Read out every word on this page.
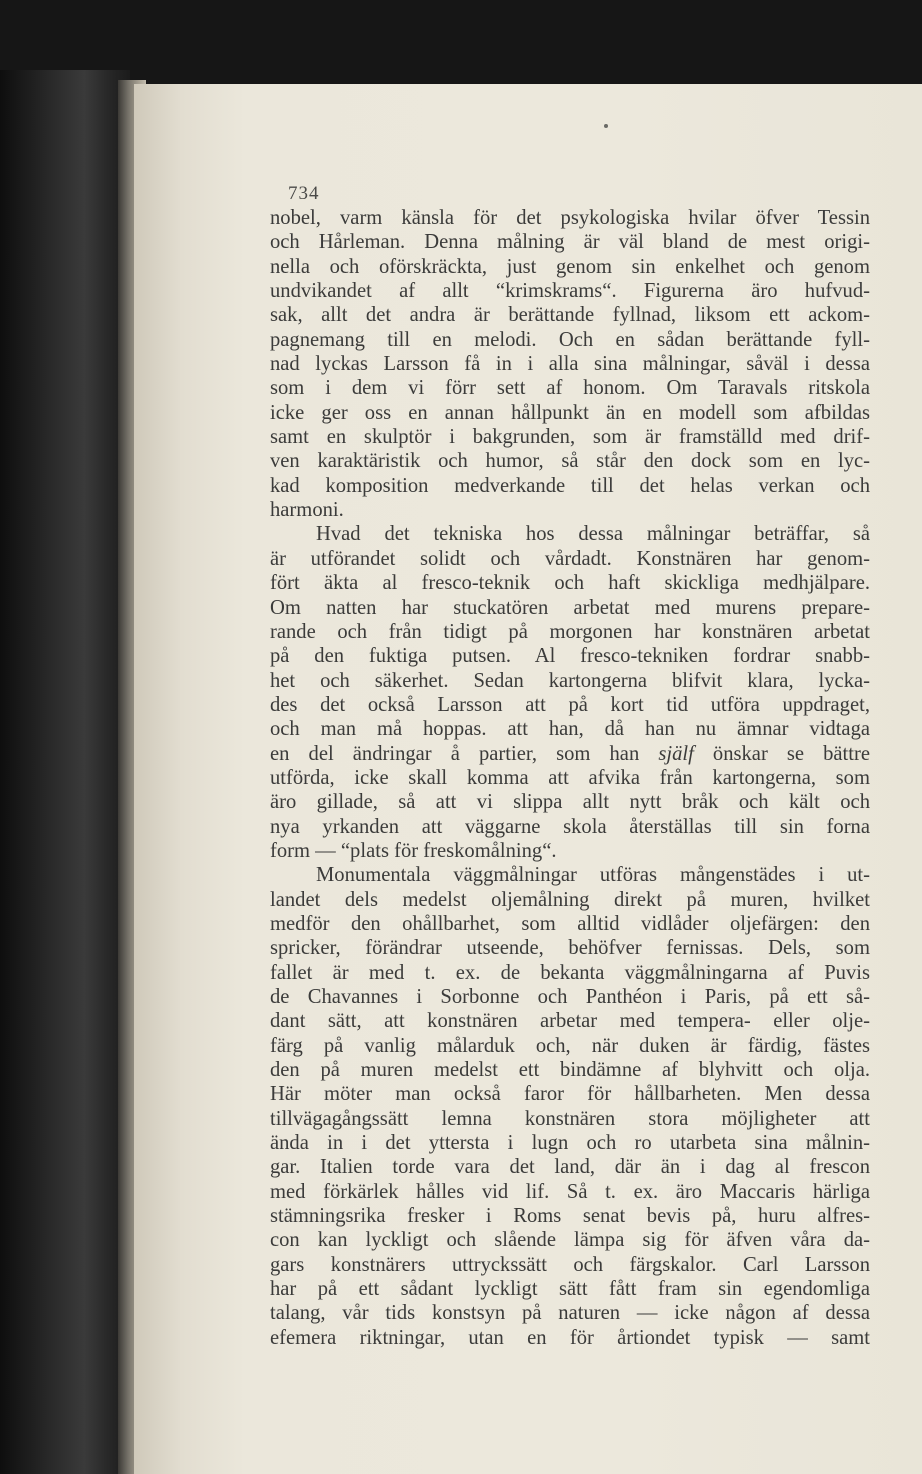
734
nobel, varm känsla för det psykologiska hvilar öfver Tessin
och Hårleman. Denna målning är väl bland de mest origi-
nella och oförskräckta, just genom sin enkelhet och genom
undvikandet af allt “krimskrams“. Figurerna äro hufvud-
sak, allt det andra är berättande fyllnad, liksom ett ackom-
pagnemang till en melodi. Och en sådan berättande fyll-
nad lyckas Larsson få in i alla sina målningar, såväl i dessa
som i dem vi förr sett af honom. Om Taravals ritskola
icke ger oss en annan hållpunkt än en modell som afbildas
samt en skulptör i bakgrunden, som är framställd med drif-
ven karaktäristik och humor, så står den dock som en lyc-
kad komposition medverkande till det helas verkan och
harmoni.
Hvad det tekniska hos dessa målningar beträffar, så
är utförandet solidt och vårdadt. Konstnären har genom-
fört äkta al fresco-teknik och haft skickliga medhjälpare.
Om natten har stuckatören arbetat med murens prepare-
rande och från tidigt på morgonen har konstnären arbetat
på den fuktiga putsen. Al fresco-tekniken fordrar snabb-
het och säkerhet. Sedan kartongerna blifvit klara, lycka-
des det också Larsson att på kort tid utföra uppdraget,
och man må hoppas. att han, då han nu ämnar vidtaga
en del ändringar å partier, som han själf önskar se bättre
utförda, icke skall komma att afvika från kartongerna, som
äro gillade, så att vi slippa allt nytt bråk och kält och
nya yrkanden att väggarne skola återställas till sin forna
form — “plats för freskomålning“.
Monumentala väggmålningar utföras mångenstädes i ut-
landet dels medelst oljemålning direkt på muren, hvilket
medför den ohållbarhet, som alltid vidlåder oljefärgen: den
spricker, förändrar utseende, behöfver fernissas. Dels, som
fallet är med t. ex. de bekanta väggmålningarna af Puvis
de Chavannes i Sorbonne och Panthéon i Paris, på ett så-
dant sätt, att konstnären arbetar med tempera- eller olje-
färg på vanlig målarduk och, när duken är färdig, fästes
den på muren medelst ett bindämne af blyhvitt och olja.
Här möter man också faror för hållbarheten. Men dessa
tillvägagångssätt lemna konstnären stora möjligheter att
ända in i det yttersta i lugn och ro utarbeta sina målnin-
gar. Italien torde vara det land, där än i dag al frescon
med förkärlek hålles vid lif. Så t. ex. äro Maccaris härliga
stämningsrika fresker i Roms senat bevis på, huru alfres-
con kan lyckligt och slående lämpa sig för äfven våra da-
gars konstnärers uttryckssätt och färgskalor. Carl Larsson
har på ett sådant lyckligt sätt fått fram sin egendomliga
talang, vår tids konstsyn på naturen — icke någon af dessa
efemera riktningar, utan en för årtiondet typisk — samt
